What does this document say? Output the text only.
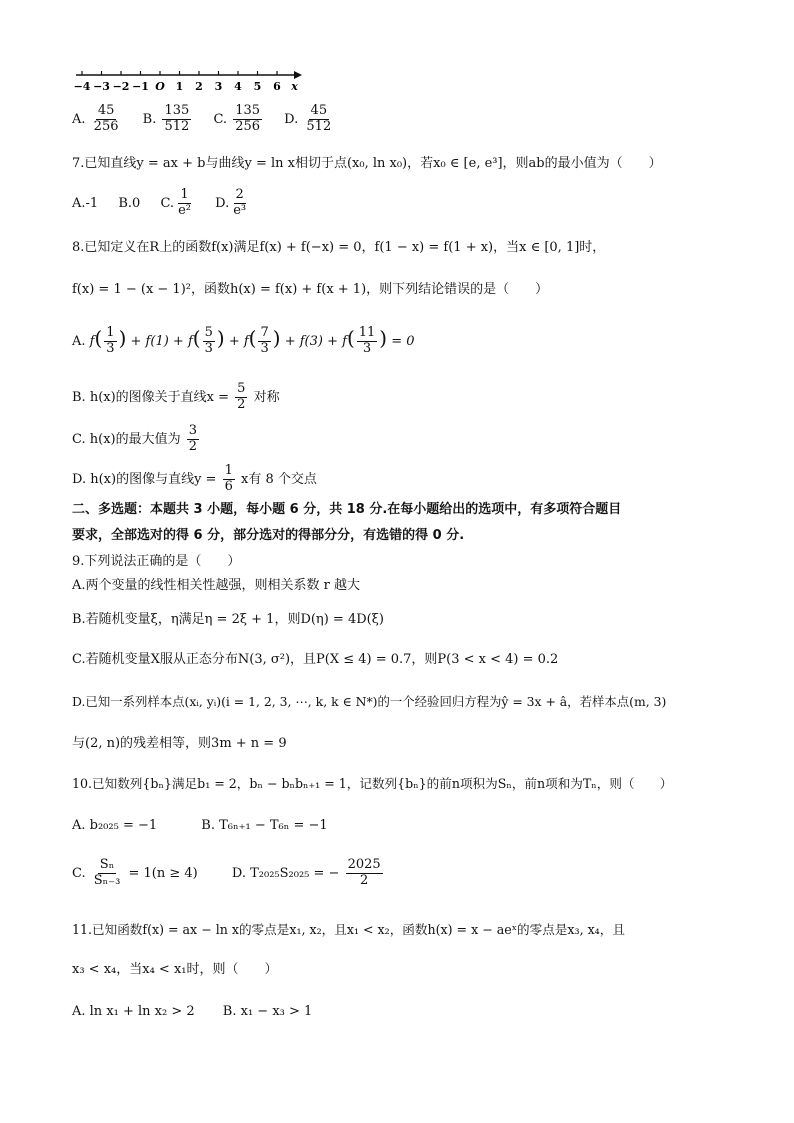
−4 −3 −2 −1 O 1 2 3 4 5 6 x
A. $\frac{45}{256} B$. $\frac{135}{512} C$. $\frac{135}{256} D$. $\frac{45}{512}$
7.已知直线y = ax + b与曲线y = ln x相切于点(x₀, ln x₀)，若x₀ ∈ [e, e³]，则ab的最小值为（　　）
A.-1 B.0 C. $\frac{1}{\text{e²}} D$. $\frac{2}{\text{e³}}$
8.已知定义在R上的函数f(x)满足f(x) + f(−x) = 0，f(1 − x) = f(1 + x)，当x ∈ [0, 1]时，
f(x) = 1 − (x − 1)²，函数h(x) = f(x) + f(x + 1)，则下列结论错误的是（　　）
A. $f( \frac{1}{3}$ ) + $f(1) + f( \frac{5}{3}$ ) + $f( \frac{7}{3}$ ) + $f(3) + f( \frac{11}{3}$ ) = 0
B. h(x)的图像关于直线$x = \frac{5}{2}$ 对称
C. h(x)的最大值为 $\frac{3}{2}$
D. h(x)的图像与直线$y = \frac{1}{6}$ x有 8 个交点
二、多选题：本题共 3 小题，每小题 6 分，共 18 分.在每小题给出的选项中，有多项符合题目
要求，全部选对的得 6 分，部分选对的得部分分，有选错的得 0 分.
9.下列说法正确的是（　　）
A.两个变量的线性相关性越强，则相关系数 r 越大
B.若随机变量ξ，η满足η = 2ξ + 1，则D(η) = 4D(ξ)
C.若随机变量X服从正态分布N(3, σ²)，且P(X ≤ 4) = 0.7，则P(3 < x < 4) = 0.2
D.已知一系列样本点(xᵢ, yᵢ)(i = 1, 2, 3, ⋯, k, k ∈ N*)的一个经验回归方程为ŷ = 3x + â，若样本点(m, 3)
与(2, n)的残差相等，则3m + n = 9
10.已知数列{bₙ}满足b₁ = 2，bₙ − bₙbₙ₊₁ = 1，记数列{bₙ}的前n项积为Sₙ，前n项和为Tₙ，则（　　）
A. b₂₀₂₅ = −1	B. T₆ₙ₊₁ − T₆ₙ = −1
C. $\frac{\text{Sₙ}}{\text{Sₙ₋₃}} = 1(n \ge 4)$	D. T₂₀₂₅S₂₀₂₅ = − $\frac{2025}{2}$
11.已知函数f(x) = ax − ln x的零点是x₁, x₂，且x₁ < x₂，函数h(x) = x − aeˣ的零点是x₃, x₄，且
x₃ < x₄，当x₄ < x₁时，则（　　）
A. ln x₁ + ln x₂ > 2 B. x₁ − x₃ > 1
